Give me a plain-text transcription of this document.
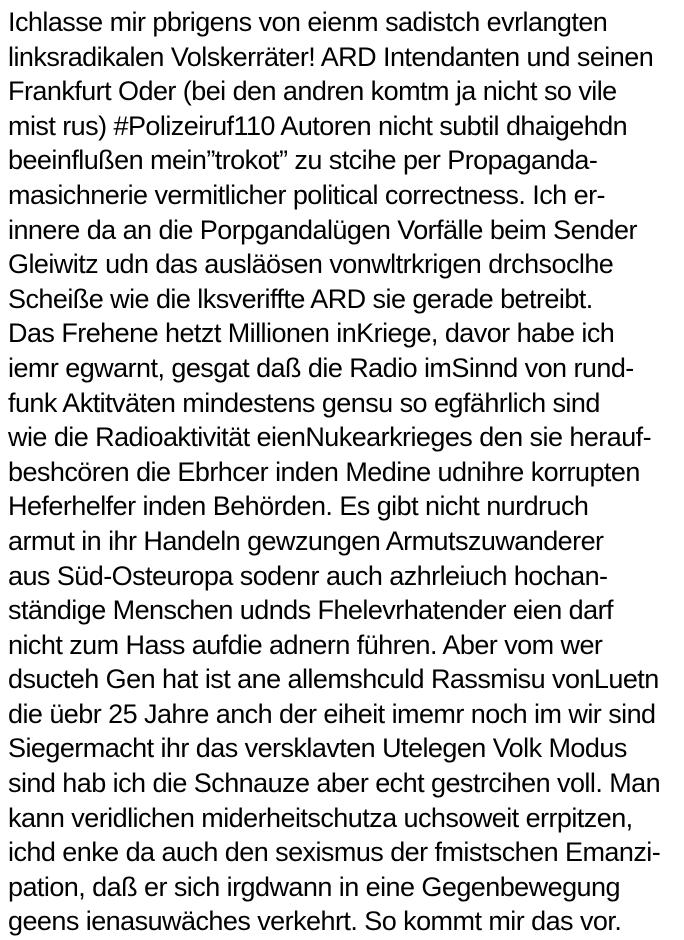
Ichlasse mir pbrigens von eienm sadistch evrlangten
linksradikalen Volskerräter! ARD Intendanten und seinen
Frankfurt Oder (bei den andren komtm ja nicht so vile
mist rus) #Polizeiruf110 Autoren nicht subtil dhaigehdn
beeinflußen mein”trokot” zu stcihe per Propaganda-
masichnerie vermitlicher political correctness. Ich er-
innere da an die Porpgandalügen Vorfälle beim Sender
Gleiwitz udn das ausläösen vonwltrkrigen drchsoclhe
Scheiße wie die lksveriffte ARD sie gerade betreibt.
Das Frehene hetzt Millionen inKriege, davor habe ich
iemr egwarnt, gesgat daß die Radio imSinnd von rund-
funk Aktitväten mindestens gensu so egfährlich sind
wie die Radioaktivität eienNukearkrieges den sie herauf-
beshcören die Ebrhcer inden Medine udnihre korrupten
Heferhelfer inden Behörden. Es gibt nicht nurdruch
armut in ihr Handeln gewzungen Armutszuwanderer
aus Süd-Osteuropa sodenr auch azhrleiuch hochan-
ständige Menschen udnds Fhelevrhatender eien darf
nicht zum Hass aufdie adnern führen. Aber vom wer
dsucteh Gen hat ist ane allemshculd Rassmisu vonLuetn
die üebr 25 Jahre anch der eiheit imemr noch im wir sind
Siegermacht ihr das versklavten Utelegen Volk Modus
sind hab ich die Schnauze aber echt gestrcihen voll. Man
kann veridlichen miderheitschutza uchsoweit errpitzen,
ichd enke da auch den sexismus der fmistschen Emanzi-
pation, daß er sich irgdwann in eine Gegenbewegung
geens ienasuwäches verkehrt. So kommt mir das vor.
